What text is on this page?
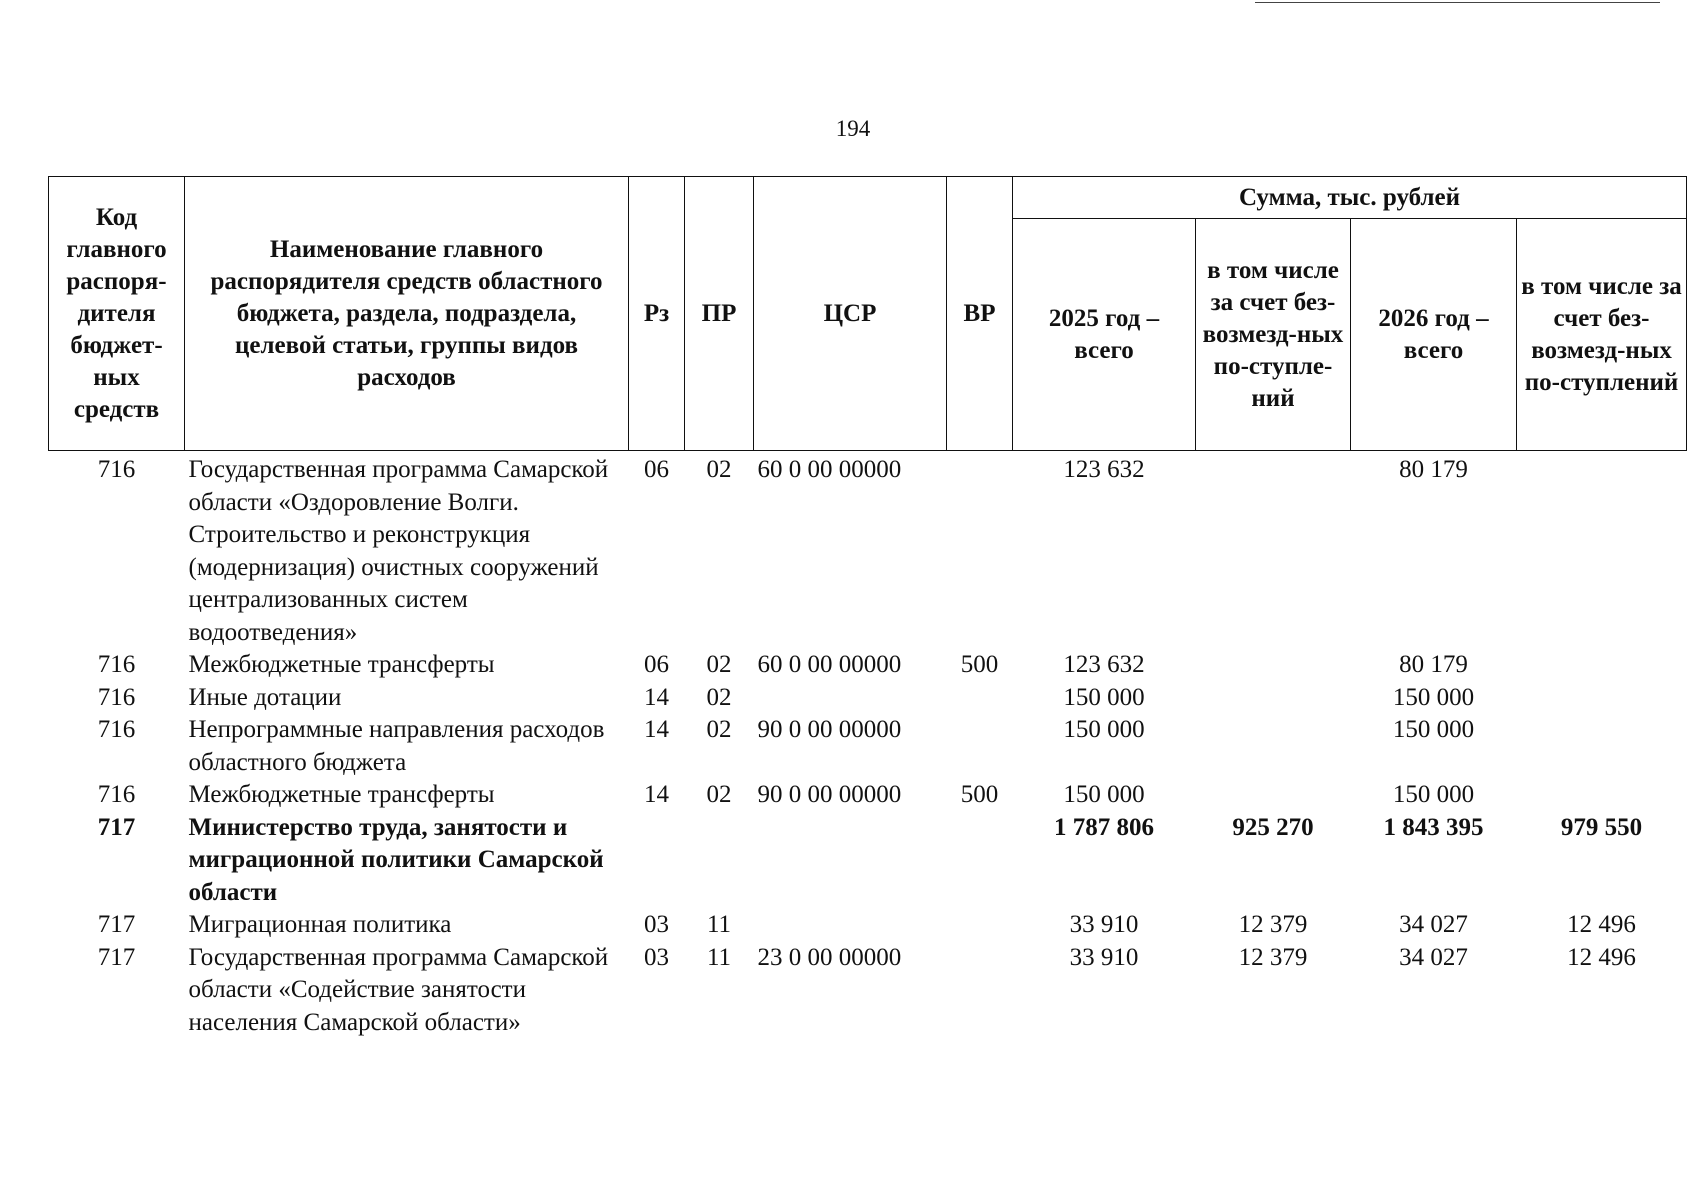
194
Код главного распоря-дителя бюджет-ных средств	Наименование главного распорядителя средств областного бюджета, раздела, подраздела, целевой статьи, группы видов расходов	Рз	ПР	ЦСР	ВР	Сумма, тыс. рублей			
						2025 год – всего	в том числе за счет без-возмезд-ных по-ступле-ний	2026 год – всего	в том числе за счет без-возмезд-ных по-ступлений
716	Государственная программа Самарской области «Оздоровление Волги. Строительство и реконструкция (модернизация) очистных сооружений централизованных систем водоотведения»	06	02	60 0 00 00000		123 632		80 179	
716	Межбюджетные трансферты	06	02	60 0 00 00000	500	123 632		80 179	
716	Иные дотации	14	02			150 000		150 000	
716	Непрограммные направления расходов областного бюджета	14	02	90 0 00 00000		150 000		150 000	
716	Межбюджетные трансферты	14	02	90 0 00 00000	500	150 000		150 000	
717	Министерство труда, занятости и миграционной политики Самарской области					1 787 806	925 270	1 843 395	979 550
717	Миграционная политика	03	11			33 910	12 379	34 027	12 496
717	Государственная программа Самарской области «Содействие занятости населения Самарской области»	03	11	23 0 00 00000		33 910	12 379	34 027	12 496
